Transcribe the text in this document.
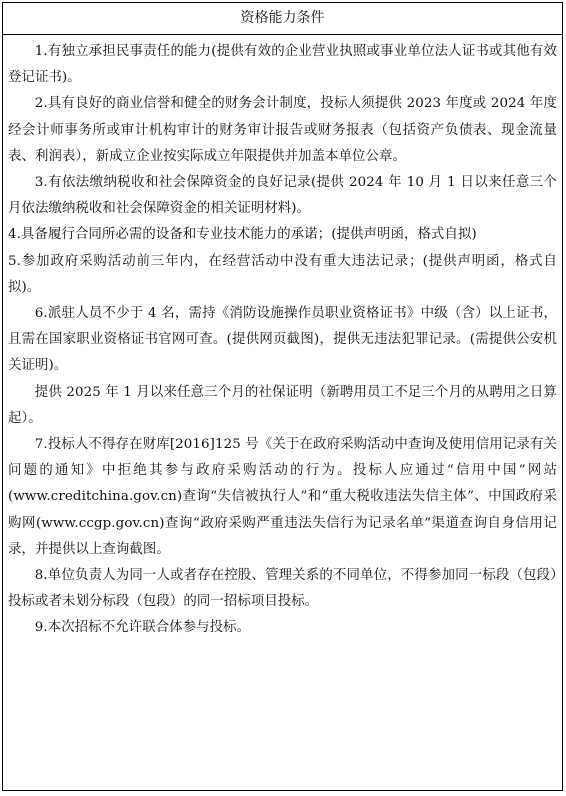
资格能力条件

1.有独立承担民事责任的能力(提供有效的企业营业执照或事业单位法人证书或其他有效登记证书)。

2.具有良好的商业信誉和健全的财务会计制度，投标人须提供 2023 年度或 2024 年度经会计师事务所或审计机构审计的财务审计报告或财务报表（包括资产负债表、现金流量表、利润表），新成立企业按实际成立年限提供并加盖本单位公章。

3.有依法缴纳税收和社会保障资金的良好记录(提供 2024 年 10 月 1 日以来任意三个月依法缴纳税收和社会保障资金的相关证明材料)。

4.具备履行合同所必需的设备和专业技术能力的承诺；(提供声明函，格式自拟)

5.参加政府采购活动前三年内，在经营活动中没有重大违法记录；(提供声明函，格式自拟)。

6.派驻人员不少于 4 名，需持《消防设施操作员职业资格证书》中级（含）以上证书，且需在国家职业资格证书官网可查。(提供网页截图)，提供无违法犯罪记录。(需提供公安机关证明)。

提供 2025 年 1 月以来任意三个月的社保证明（新聘用员工不足三个月的从聘用之日算起）。

7.投标人不得存在财库[2016]125 号《关于在政府采购活动中查询及使用信用记录有关问题的通知》中拒绝其参与政府采购活动的行为。投标人应通过“信用中国”网站(www.creditchina.gov.cn)查询“失信被执行人”和“重大税收违法失信主体”、中国政府采购网(www.ccgp.gov.cn)查询“政府采购严重违法失信行为记录名单”渠道查询自身信用记录，并提供以上查询截图。

8.单位负责人为同一人或者存在控股、管理关系的不同单位，不得参加同一标段（包段）投标或者未划分标段（包段）的同一招标项目投标。

9.本次招标不允许联合体参与投标。
